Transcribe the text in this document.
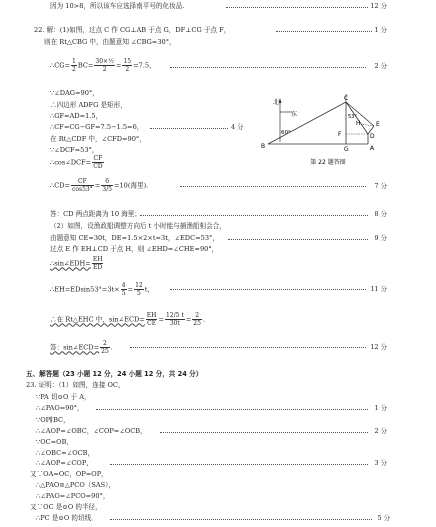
因为 10>8，所以该车应选择南平号的化妆品.	12 分
22. 解：(1)如图，过点 C 作 CG⊥AB 于点 G，DF⊥CG 于点 F，	1 分
则在 Rt△CBG 中，由题意知 ∠CBG=30°，
∴CG= $\frac{1}{2} BC= \frac{\text{30×½}}{2} = \frac{15}{2} =7.5$，	2 分
∵∠DAG=90°，
∴四边形 ADFG 是矩形，
∴GF=AD=1.5，
∴CF=CG−GF=7.5−1.5=6，	4 分
在 Rt△CDF 中，∠CFD=90°，
∵∠DCF=53°，
∴cos∠DCF= $\frac{CF}{CD}$
∴CD= $\frac{CF}{\cos 53^\circ} = \frac{6}{3/5} =10$(海里).	7 分
答：CD 两点距离为 10 海里；	8 分
（2）如图，设渔政船调整方向后 t 小时能与捕渔船相会合，
由题意知 CE=30t，DE=1.5×2×t=3t，∠EDC=53°，	9 分
过点 E 作 EH⊥CD 于点 H，则 ∠EHD=∠CHE=90°，
∴sin∠EDH= $\frac{EH}{ED}$
∴EH=EDsin53°=3t× $\frac{4}{5} = \frac{12}{5}$ t，	11 分
∴在 Rt△EHC 中，sin∠ECD= $\frac{EH}{CE} = \frac{12/5 t}{30t} = \frac{2}{25}$ .
答：sin∠ECD= $\frac{2}{25}$ .	12 分
五、解答题（23 小题 12 分，24 小题 12 分，共 24 分）
23. 证明：（1）如图，连接 OC，
∵PA 切⊙O 于 A，
∴∠PAO=90°，	1 分
∵OP∥BC，
∴∠AOP=∠OBC，∠COP=∠OCB，	2 分
∵OC=OB，
∴∠OBC=∠OCB，
∴∠AOP=∠COP，	3 分
又∵OA=OC，OP=OP，
∴△PAO≌△PCO（SAS），
∴∠PAO=∠PCO=90°，
又∵OC 是⊙O 的半径，
∴PC 是⊙O 的切线．	5 分
北
东
60°
B	A
C
D
E
F
G
H
53°
第 22 题答图
